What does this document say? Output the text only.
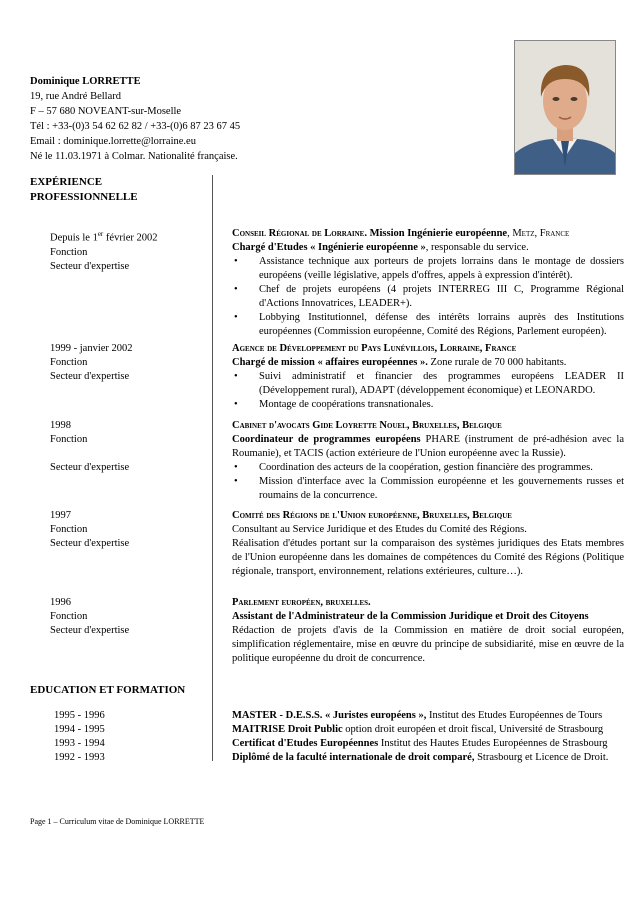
Dominique LORRETTE
19, rue André Bellard
F – 57 680 NOVEANT-sur-Moselle
Tél : +33-(0)3 54 62 62 82 / +33-(0)6 87 23 67 45
Email : dominique.lorrette@lorraine.eu
Né le 11.03.1971 à Colmar. Nationalité française.
EXPÉRIENCE
PROFESSIONNELLE
Depuis le 1er février 2002
Fonction
Secteur d'expertise
Conseil Régional de Lorraine. Mission Ingénierie européenne, Metz, France
Chargé d'Etudes « Ingénierie européenne », responsable du service.
• Assistance technique aux porteurs de projets lorrains dans le montage de dossiers européens (veille législative, appels d'offres, appels à expression d'intérêt).
• Chef de projets européens (4 projets INTERREG III C, Programme Régional d'Actions Innovatrices, LEADER+).
• Lobbying Institutionnel, défense des intérêts lorrains auprès des Institutions européennes (Commission européenne, Comité des Régions, Parlement européen).
1999 - janvier 2002
Fonction
Secteur d'expertise
Agence de Développement du Pays Lunévillois, Lorraine, France
Chargé de mission « affaires européennes ». Zone rurale de 70 000 habitants.
• Suivi administratif et financier des programmes européens LEADER II (Développement rural), ADAPT (développement économique) et LEONARDO.
• Montage de coopérations transnationales.
1998
Fonction
Secteur d'expertise
Cabinet d'avocats Gide Loyrette Nouel, Bruxelles, Belgique
Coordinateur de programmes européens PHARE (instrument de pré-adhésion avec la Roumanie), et TACIS (action extérieure de l'Union européenne avec la Russie).
• Coordination des acteurs de la coopération, gestion financière des programmes.
• Mission d'interface avec la Commission européenne et les gouvernements russes et roumains de la concurrence.
1997
Fonction
Secteur d'expertise
Comité des Régions de l'Union européenne, Bruxelles, Belgique
Consultant au Service Juridique et des Etudes du Comité des Régions.
Réalisation d'études portant sur la comparaison des systèmes juridiques des Etats membres de l'Union européenne dans les domaines de compétences du Comité des Régions (Politique régionale, transport, environnement, relations extérieures, culture…).
1996
Fonction
Secteur d'expertise
Parlement européen, bruxelles.
Assistant de l'Administrateur de la Commission Juridique et Droit des Citoyens
Rédaction de projets d'avis de la Commission en matière de droit social européen, simplification réglementaire, mise en œuvre du principe de subsidiarité, mise en œuvre de la politique européenne du droit de concurrence.
EDUCATION ET FORMATION
1995 - 1996
1994 - 1995
1993 - 1994
1992 - 1993
MASTER - D.E.S.S. « Juristes européens », Institut des Etudes Européennes de Tours
MAITRISE Droit Public option droit européen et droit fiscal, Université de Strasbourg
Certificat d'Etudes Européennes Institut des Hautes Etudes Européennes de Strasbourg
Diplômé de la faculté internationale de droit comparé, Strasbourg et Licence de Droit.
Page 1 – Curriculum vitae de Dominique LORRETTE
